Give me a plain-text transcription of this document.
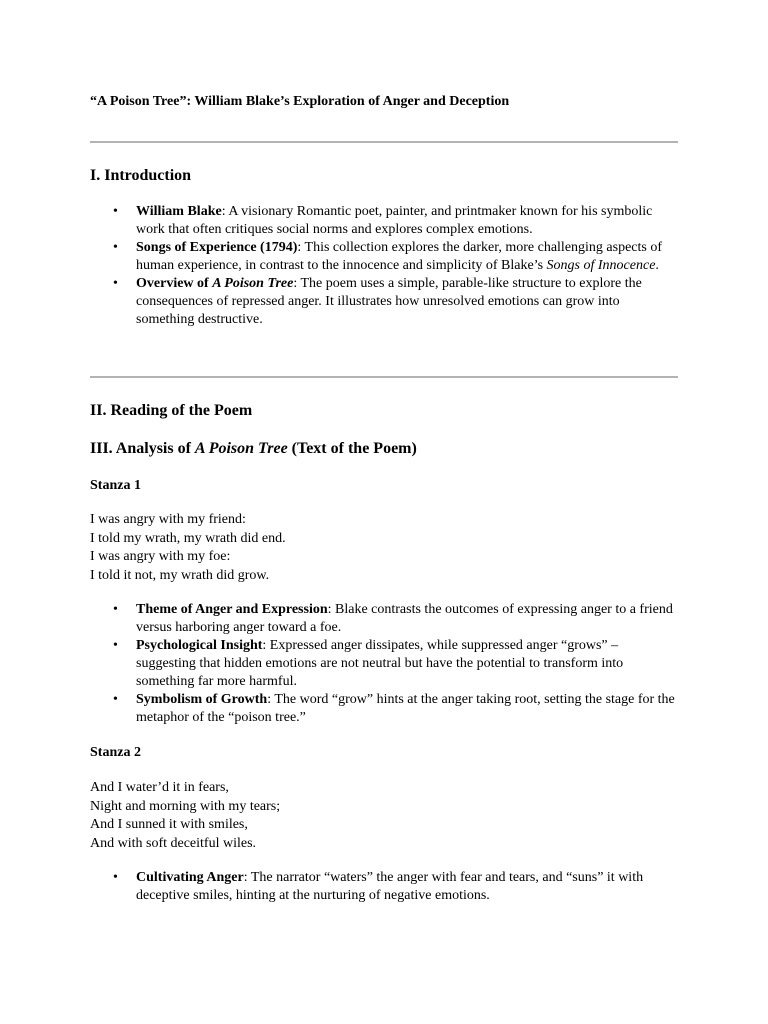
“A Poison Tree”: William Blake’s Exploration of Anger and Deception
I. Introduction
• William Blake: A visionary Romantic poet, painter, and printmaker known for his symbolic work that often critiques social norms and explores complex emotions.
• Songs of Experience (1794): This collection explores the darker, more challenging aspects of human experience, in contrast to the innocence and simplicity of Blake’s Songs of Innocence.
• Overview of A Poison Tree: The poem uses a simple, parable-like structure to explore the consequences of repressed anger. It illustrates how unresolved emotions can grow into something destructive.
II. Reading of the Poem
III. Analysis of A Poison Tree (Text of the Poem)
Stanza 1
I was angry with my friend:
I told my wrath, my wrath did end.
I was angry with my foe:
I told it not, my wrath did grow.
• Theme of Anger and Expression: Blake contrasts the outcomes of expressing anger to a friend versus harboring anger toward a foe.
• Psychological Insight: Expressed anger dissipates, while suppressed anger “grows” – suggesting that hidden emotions are not neutral but have the potential to transform into something far more harmful.
• Symbolism of Growth: The word “grow” hints at the anger taking root, setting the stage for the metaphor of the “poison tree.”
Stanza 2
And I water’d it in fears,
Night and morning with my tears;
And I sunned it with smiles,
And with soft deceitful wiles.
• Cultivating Anger: The narrator “waters” the anger with fear and tears, and “suns” it with deceptive smiles, hinting at the nurturing of negative emotions.
